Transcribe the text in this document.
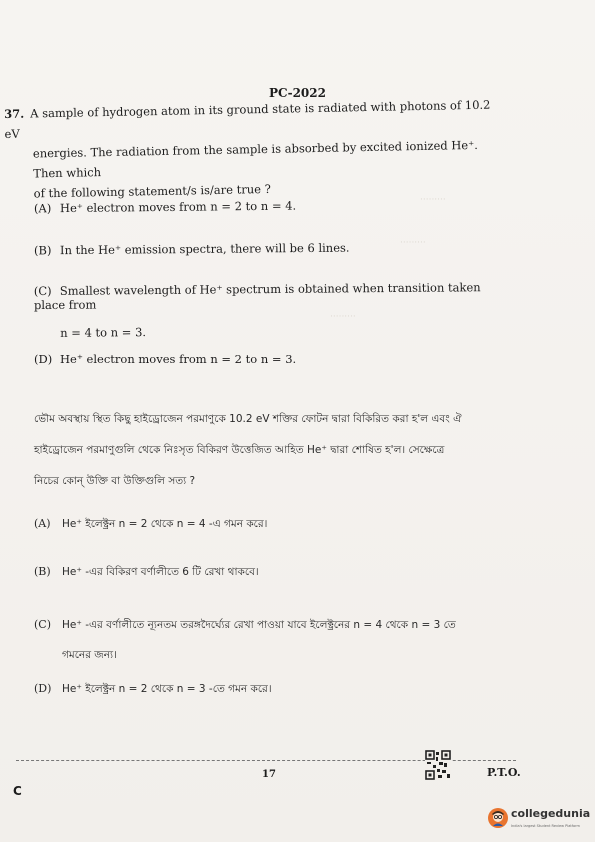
·········
·········
·········
PC-2022
37. A sample of hydrogen atom in its ground state is radiated with photons of 10.2 eV
energies. The radiation from the sample is absorbed by excited ionized He⁺. Then which
of the following statement/s is/are true ?
(A) He⁺ electron moves from n = 2 to n = 4.
(B) In the He⁺ emission spectra, there will be 6 lines.
(C) Smallest wavelength of He⁺ spectrum is obtained when transition taken place from
n = 4 to n = 3.
(D) He⁺ electron moves from n = 2 to n = 3.
ভৌম অবস্থায় স্থিত কিছু হাইড্রোজেন পরমাণুকে 10.2 eV শক্তির ফোটন দ্বারা বিকিরিত করা হ'ল এবং ঐ
হাইড্রোজেন পরমাণুগুলি থেকে নিঃসৃত বিকিরণ উত্তেজিত আহিত He⁺ দ্বারা শোষিত হ'ল। সেক্ষেত্রে
নিচের কোন্ উক্তি বা উক্তিগুলি সত্য ?
(A) He⁺ ইলেক্ট্রন n = 2 থেকে n = 4 -এ গমন করে।
(B) He⁺ -এর বিকিরণ বর্ণালীতে 6 টি রেখা থাকবে।
(C) He⁺ -এর বর্ণালীতে ন্যূনতম তরঙ্গদৈর্ঘ্যের রেখা পাওয়া যাবে ইলেক্ট্রনের n = 4 থেকে n = 3 তে
গমনের জন্য।
(D) He⁺ ইলেক্ট্রন n = 2 থেকে n = 3 -তে গমন করে।
17	P.T.O.
C
collegedunia
India's largest Student Review Platform
